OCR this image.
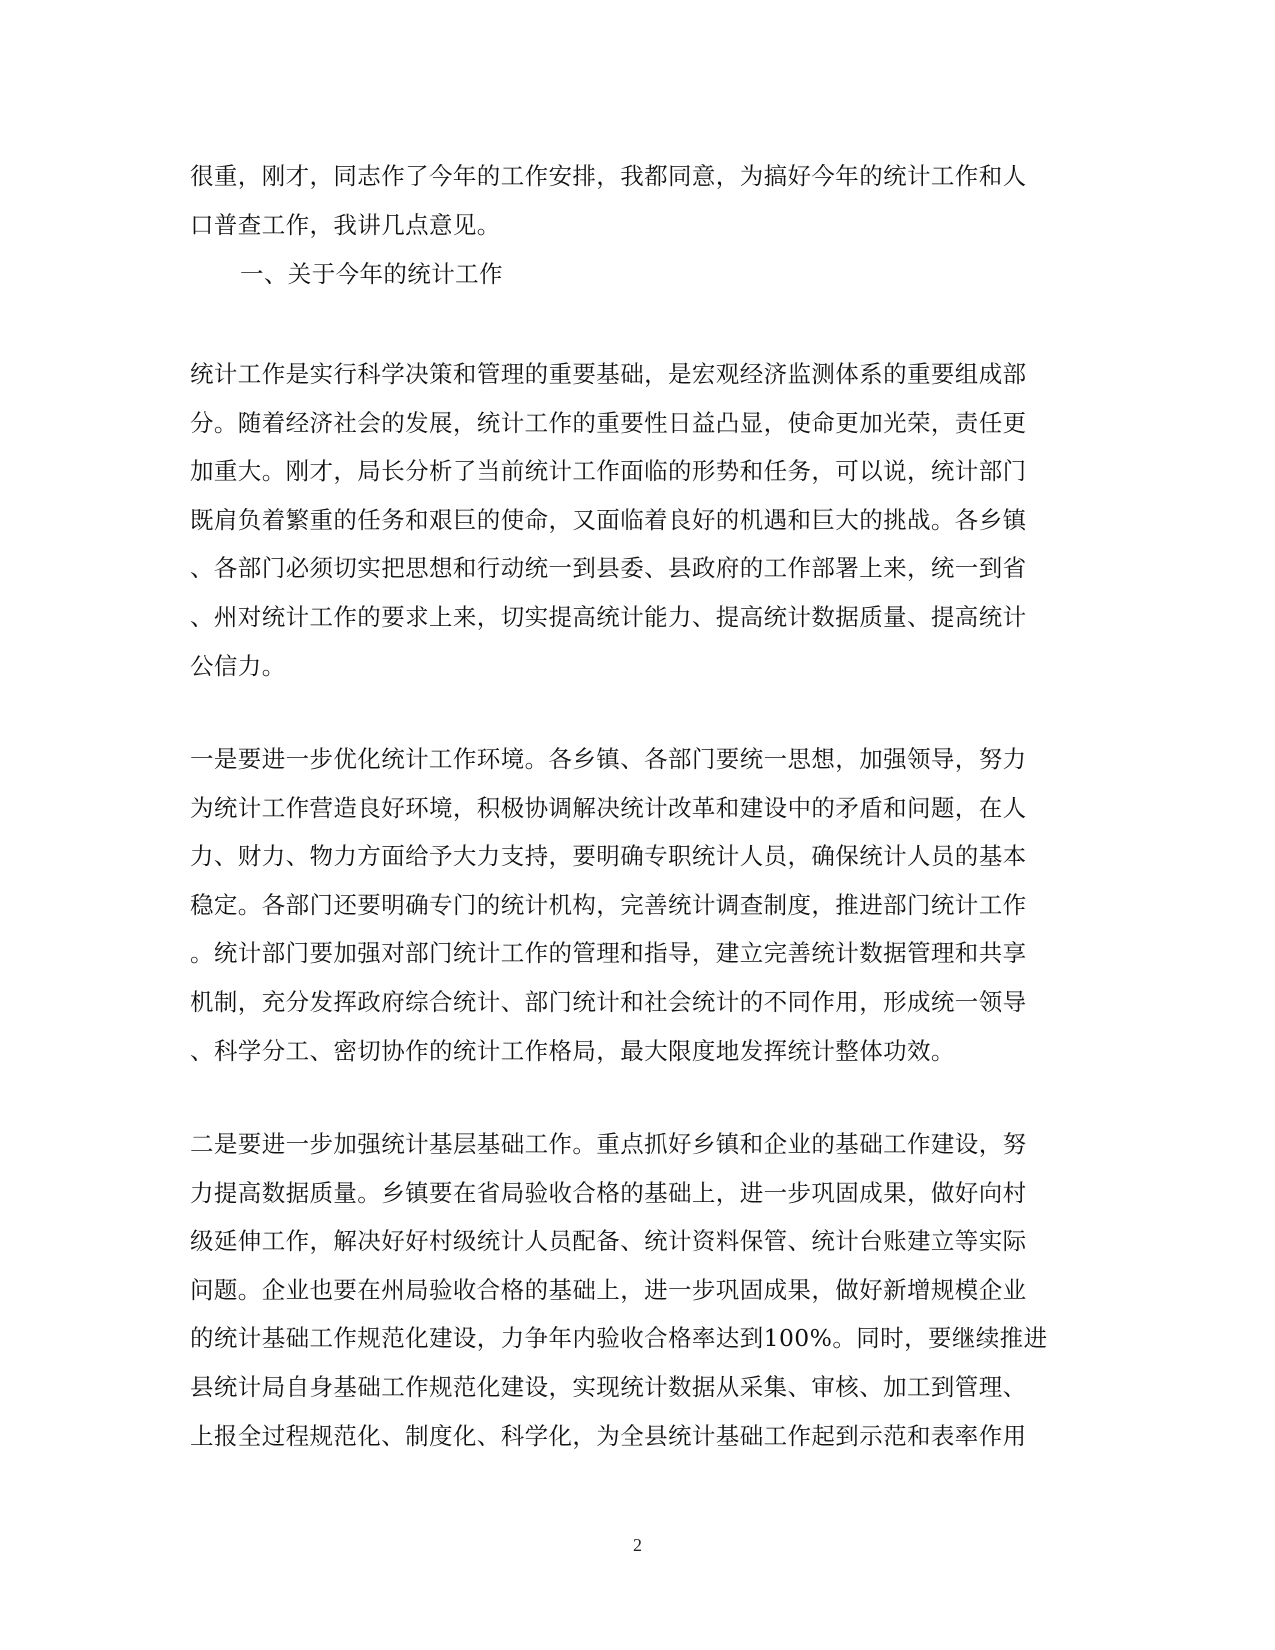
很重，刚才，同志作了今年的工作安排，我都同意，为搞好今年的统计工作和人
口普查工作，我讲几点意见。

一、关于今年的统计工作

统计工作是实行科学决策和管理的重要基础，是宏观经济监测体系的重要组成部
分。随着经济社会的发展，统计工作的重要性日益凸显，使命更加光荣，责任更
加重大。刚才，局长分析了当前统计工作面临的形势和任务，可以说，统计部门
既肩负着繁重的任务和艰巨的使命，又面临着良好的机遇和巨大的挑战。各乡镇
、各部门必须切实把思想和行动统一到县委、县政府的工作部署上来，统一到省
、州对统计工作的要求上来，切实提高统计能力、提高统计数据质量、提高统计
公信力。

一是要进一步优化统计工作环境。各乡镇、各部门要统一思想，加强领导，努力
为统计工作营造良好环境，积极协调解决统计改革和建设中的矛盾和问题，在人
力、财力、物力方面给予大力支持，要明确专职统计人员，确保统计人员的基本
稳定。各部门还要明确专门的统计机构，完善统计调查制度，推进部门统计工作
。统计部门要加强对部门统计工作的管理和指导，建立完善统计数据管理和共享
机制，充分发挥政府综合统计、部门统计和社会统计的不同作用，形成统一领导
、科学分工、密切协作的统计工作格局，最大限度地发挥统计整体功效。

二是要进一步加强统计基层基础工作。重点抓好乡镇和企业的基础工作建设，努
力提高数据质量。乡镇要在省局验收合格的基础上，进一步巩固成果，做好向村
级延伸工作，解决好好村级统计人员配备、统计资料保管、统计台账建立等实际
问题。企业也要在州局验收合格的基础上，进一步巩固成果，做好新增规模企业
的统计基础工作规范化建设，力争年内验收合格率达到100%。同时，要继续推进
县统计局自身基础工作规范化建设，实现统计数据从采集、审核、加工到管理、
上报全过程规范化、制度化、科学化，为全县统计基础工作起到示范和表率作用

2
